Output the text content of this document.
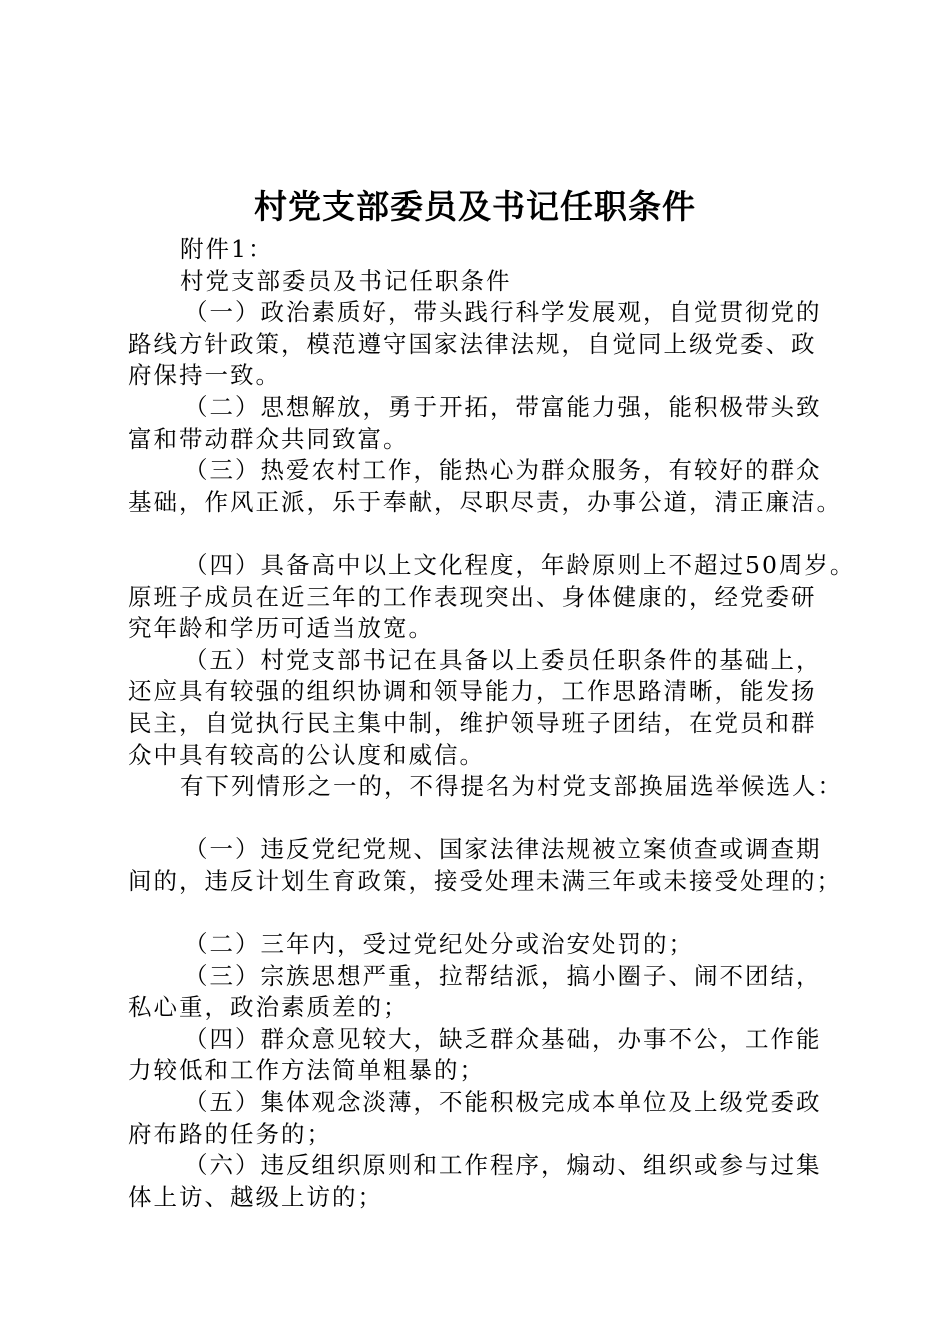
村党支部委员及书记任职条件

附件1：

村党支部委员及书记任职条件

（一）政治素质好，带头践行科学发展观，自觉贯彻党的

路线方针政策，模范遵守国家法律法规，自觉同上级党委、政

府保持一致。

（二）思想解放，勇于开拓，带富能力强，能积极带头致

富和带动群众共同致富。

（三）热爱农村工作，能热心为群众服务，有较好的群众

基础，作风正派，乐于奉献，尽职尽责，办事公道，清正廉洁。

（四）具备高中以上文化程度，年龄原则上不超过50周岁。

原班子成员在近三年的工作表现突出、身体健康的，经党委研

究年龄和学历可适当放宽。

（五）村党支部书记在具备以上委员任职条件的基础上，

还应具有较强的组织协调和领导能力，工作思路清晰，能发扬

民主，自觉执行民主集中制，维护领导班子团结，在党员和群

众中具有较高的公认度和威信。

有下列情形之一的，不得提名为村党支部换届选举候选人：

（一）违反党纪党规、国家法律法规被立案侦查或调查期

间的，违反计划生育政策，接受处理未满三年或未接受处理的；

（二）三年内，受过党纪处分或治安处罚的；

（三）宗族思想严重，拉帮结派，搞小圈子、闹不团结，

私心重，政治素质差的；

（四）群众意见较大，缺乏群众基础，办事不公，工作能

力较低和工作方法简单粗暴的；

（五）集体观念淡薄，不能积极完成本单位及上级党委政

府布路的任务的；

（六）违反组织原则和工作程序，煽动、组织或参与过集

体上访、越级上访的；
